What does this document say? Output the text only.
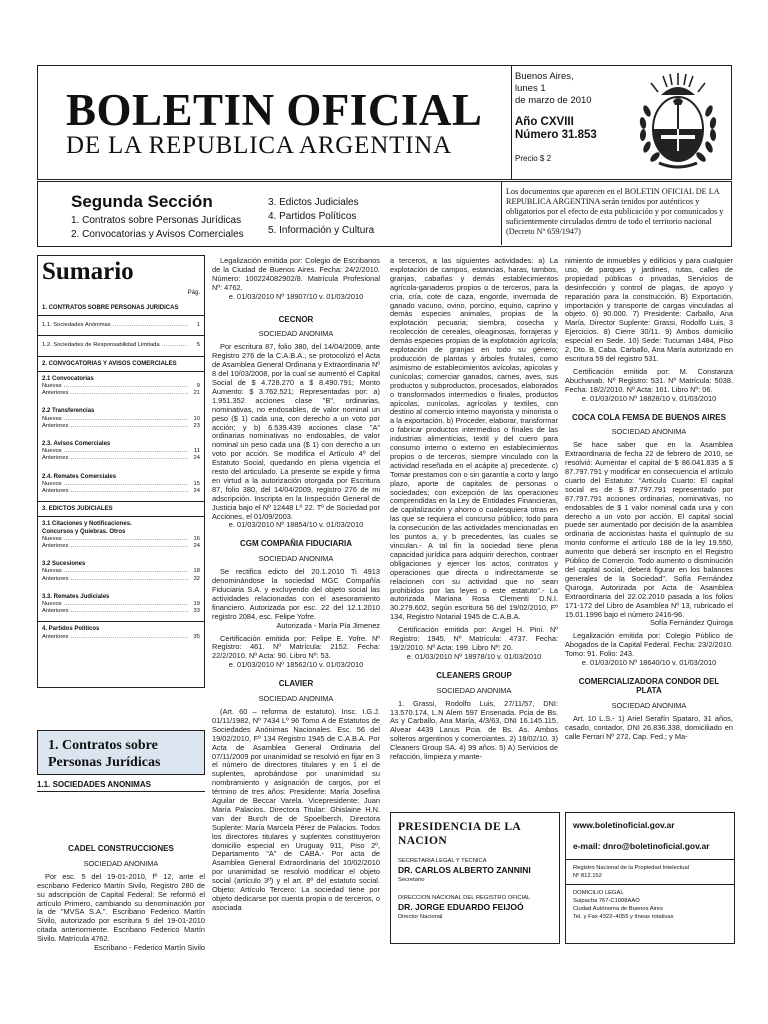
BOLETIN OFICIAL
DE LA REPUBLICA ARGENTINA
Buenos Aires,
lunes 1
de marzo de 2010
Año CXVIII
Número 31.853
Precio $ 2
Segunda Sección
1. Contratos sobre Personas Jurídicas
2. Convocatorias y Avisos Comerciales
3. Edictos Judiciales
4. Partidos Políticos
5. Información y Cultura
Los documentos que aparecen en el BOLETIN OFICIAL DE LA REPUBLICA ARGENTINA serán tenidos por auténticos y obligatorios por el efecto de esta publicación y por comunicados y suficientemente circulados dentro de todo el territorio nacional (Decreto Nº 659/1947)
Sumario
Pág.
1. CONTRATOS SOBRE PERSONAS JURIDICAS
1.1. Sociedades Anónimas .....	1
1.2. Sociedades de Responsabilidad Limitada .....	5
2. CONVOCATORIAS Y AVISOS COMERCIALES
2.1 Convocatorias
Nuevas .....	9
Anteriores .....	21
2.2 Transferencias
Nuevas .....	10
Anteriores .....	23
2.3. Avisos Comerciales
Nuevos .....	11
Anteriores .....	24
2.4. Remates Comerciales
Nuevos .....	15
Anteriores .....	24
3. EDICTOS JUDICIALES
3.1 Citaciones y Notificaciones.
Concursos y Quiebras. Otros
Nuevas .....	16
Anteriores .....	24
3.2 Sucesiones
Nuevas .....	18
Anteriores .....	32
3.3. Remates Judiciales
Nuevos .....	19
Anteriores .....	33
4. Partidos Políticos
Anteriores .....	35
1. Contratos sobre Personas Jurídicas
1.1. SOCIEDADES ANONIMAS
CADEL CONSTRUCCIONES
SOCIEDAD ANONIMA

Por esc. 5 del 19-01-2010, fº 12, ante el escribano Federico Martín Sivilo, Registro 280 de su adscripción de Capital Federal: Se reformó el artículo Primero, cambiando su denominación por la de "MVSA S.A.". Escribano Federico Martín Sivilo, autorizado por escritura 5 del 19-01-2010 citada anteriormente. Escribano Federico Martín Sivilo. Matrícula 4762.

Escribano - Federico Martín Sivilo

Legalización emitida por: Colegio de Escribanos de la Ciudad de Buenos Aires. Fecha: 24/2/2010. Número: 100224082902/8. Matrícula Profesional Nº: 4762.

e. 01/03/2010 Nº 18907/10 v. 01/03/2010
CECNOR
SOCIEDAD ANONIMA

Por escritura 87, folio 380, del 14/04/2009, ante Registro 276 de la C.A.B.A., se protocolizó el Acta de Asamblea General Ordinaria y Extraordinaria Nº 8 del 10/03/2008, por la cual se aumentó el Capital Social de $ 4.728.270 a $ 8.490.791; Monto Aumento: $ 3.762.521; Representadas por: a) 1.951.352 acciones clase "B", ordinarias, nominativas, no endosables, de valor nominal un peso ($ 1) cada una, con derecho a un voto por acción; y b) 6.539.439 acciones clase "A" ordinarias nominativas no endosables, de valor nominal un peso cada una ($ 1) con derecho a un voto por acción. Se modifica el Artículo 4º del Estatuto Social, quedando en plena vigencia el resto del articulado. La presente se expide y firma en virtud a la autorización otorgada por Escritura 87, folio 380, del 14/04/2009, registro 276 de mi adscripción. Inscripta en la Inspección General de Justicia bajo el Nº 12448 Lº 22. Tº de Sociedad por Acciones, el 01/09/2003.

e. 01/03/2010 Nº 18854/10 v. 01/03/2010
CGM COMPAÑIA FIDUCIARIA
SOCIEDAD ANONIMA

Se rectifica edicto del 20.1.2010 Ti 4913 denominándose la sociedad MGC Compañía Fiduciaria S.A. y excluyendo del objeto social las actividades relacionadas con el asesoramiento financiero. Autorizada por esc. 22 del 12.1.2010 registro 2084, esc. Felipe Yofre.

Autorizada - María Pía Jimenez

Certificación emitida por: Felipe E. Yofre. Nº Registro: 461. Nº Matrícula: 2152. Fecha: 22/2/2010. Nº Acta: 90. Libro Nº: 53.

e. 01/03/2010 Nº 18562/10 v. 01/03/2010
CLAVIER
SOCIEDAD ANONIMA

(Art. 60 – reforma de estatuto). Insc. I.G.J. 01/11/1982, Nº 7434 Lº 96 Tomo A de Estatutos de Sociedades Anónimas Nacionales. Esc. 56 del 19/02/2010, Fº 134 Registro 1945 de C.A.B.A. Por Acta de Asamblea General Ordinaria del 07/11/2009 por unanimidad se resolvió en fijar en 3 el número de directores titulares y en 1 el de suplentes, aprobándose por unanimidad su nombramiento y asignación de cargos, por el término de tres años: Presidente: María Josefina Aguilar de Beccar Varela. Vicepresidente: Juan María Palacios. Directora Titular: Ghislaine H.N. van der Burch de de Spoelberch. Directora Suplente: María Marcela Pérez de Palacios. Todos los directores titulares y suplentes constituyeron domicilio especial en Uruguay 911, Piso 2º, Departamento "A" de CABA.- Por acta de Asamblea General Extraordinaria del 10/02/2010 por unanimidad se resolvió modificar el objeto social (artículo 3º) y el art. 8º del estatuto social. Objeto: Artículo Tercero: La sociedad tiene por objeto dedicarse por cuenta propia o de terceros, o asociada

a terceros, a las siguientes actividades: a) La explotación de campos, estancias, haras, tambos, granjas, cabañas y demás establecimientos agrícola-ganaderos propios o de terceros, para la cría, cría, cote de caza, engorde, invernada de ganado vacuno, ovino, porcino, equino, caprino y demás especies animales, propias de la explotación pecuaria; siembra, cosecha y recolección de cereales, oleaginosas, forrajeras y demás especies propias de la explotación agrícola; explotación de granjas en todo su género; producción de plantas y árboles frutales, como asimismo de establecimientos avícolas, apícolas y cunícolas; comerciar ganados, carnes, aves, sus productos y subproductos, procesados, elaborados o transformados intermedios o finales, productos apícolas, cunícolas, agrícolas y textiles, con destino al comercio interno mayorista y minorista o a la exportación. b) Proceder, elaborar, transformar o fabricar productos intermedios o finales de las industrias alimenticias, textil y del cuero para consumo interno o externo en establecimientos propios o de terceros, siempre vinculado con la actividad reseñada en el acápite a) precedente. c) Tomar prestamos con o sin garantía a corto y largo plazo, aporte de capitales de personas o sociedades; con excepción de las operaciones comprendidas en la Ley de Entidades Financieras, de capitalización y ahorro o cualesquiera otras en las que se requiera el concurso público; todo para la consecución de las actividades mencionadas en los puntos a, y b precedentes, las cuales se vinculan.- A tal fin la sociedad tiene plena capacidad jurídica para adquirir derechos, contraer obligaciones y ejercer los actos, contratos y operaciones que directa o indirectamente se relacionen con su actividad que no sean prohibidos por las leyes o este estatuto".- La autorizada Mariana Rosa Clementi D.N.I. 30.279.602, según escritura 56 del 19/02/2010, Fº 134, Registro Notarial 1945 de C.A.B.A.

Certificación emitida por: Angel H. Pini. Nº Registro: 1945. Nº Matrícula: 4737. Fecha: 19/2/2010. Nº Acta: 199. Libro Nº: 20.

e. 01/03/2010 Nº 18978/10 v. 01/03/2010
CLEANERS GROUP
SOCIEDAD ANONIMA

1. Grassi, Rodolfo Luis, 27/11/57, DNI: 13.570.174, L.N Alem 597 Ensenada. Pcia de Bs. As y Carballo, Ana María, 4/3/63, DNI 16.145.115, Alvear 4439 Lanus Pcia. de Bs. As. Ambos solteros argentinos y comerciantes. 2) 18/02/10. 3) Cleaners Group SA. 4) 99 años. 5) A) Servicios de refacción, limpieza y mante-

nimiento de inmuebles y edificios y para cualquier uso, de parques y jardines, rutas, calles de propiedad públicas o privadas, Servicios de desinfección y control de plagas, de apoyo y reparación para la construcción. B) Exportación, importación y transporte de cargas vinculadas al objeto. 6) 90.000. 7) Presidente: Carballo, Ana María, Director Suplente: Grassi, Rodolfo Luis, 3 Ejercicios. 8) Cierre 30/11. 9) Ambos domicilio especial en Sede. 10) Sede: Tucuman 1484, Piso 2, Dto. B, Caba. Carballo, Ana María autorizado en escritura 59 del registro 531.

Certificación emitida por: M. Constanza Abuchanab. Nº Registro: 531. Nº Matrícula: 5038. Fecha: 18/2/2010. Nº Acta: 161. Libro Nº: 06.

e. 01/03/2010 Nº 18828/10 v. 01/03/2010
COCA COLA FEMSA DE BUENOS AIRES
SOCIEDAD ANONIMA

Se hace saber que en la Asamblea Extraordinaria de fecha 22 de febrero de 2010, se resolvió: Aumentar el capital de $ 86.041.835 a $ 87.797.791 y modificar en consecuencia el artículo cuarto del Estatuto: "Artículo Cuarto: El capital social es de $ 87.797.791 representado por 87.797.791 acciones ordinarias, nominativas, no endosables de $ 1 valor nominal cada una y con derecho a un voto por acción. El capital social puede ser aumentado por decisión de la asamblea ordinaria de accionistas hasta el quíntuplo de su monto conforme el artículo 188 de la ley 19.550, aumento que deberá ser inscripto en el Registro Público de Comercio. Todo aumento o disminución del capital social, deberá figurar en los balances generales de la Sociedad". Sofía Fernández Quiroga. Autorizada por Acta de Asamblea Extraordinaria del 22.02.2010 pasada a los folios 171-172 del Libro de Asamblea Nº 13, rubricado el 15.01.1996 bajo el número 2416-96.

Sofía Fernández Quiroga

Legalización emitida por: Colegio Público de Abogados de la Capital Federal. Fecha: 23/2/2010. Tomo: 91. Folio: 243.

e. 01/03/2010 Nº 18640/10 v. 01/03/2010
COMERCIALIZADORA CONDOR DEL PLATA
SOCIEDAD ANONIMA

Art. 10 L.S.- 1) Ariel Serafín Spataro, 31 años, casado, contador, DNI 26.836.338, domiciliado en calle Ferrari Nº 272, Cap. Fed.; y Ma-

PRESIDENCIA DE LA NACION
SECRETARIA LEGAL Y TECNICA
DR. CARLOS ALBERTO ZANNINI
Secretario
DIRECCION NACIONAL DEL REGISTRO OFICIAL
DR. JORGE EDUARDO FEIJOÓ
Director Nacional
www.boletinoficial.gov.ar
e-mail: dnro@boletinoficial.gov.ar
Registro Nacional de la Propiedad Intelectual
Nº 812.152
DOMICILIO LEGAL
Suipacha 767-C1008AAO
Ciudad Autónoma de Buenos Aires
Tel. y Fax 4322–4055 y líneas rotativas
